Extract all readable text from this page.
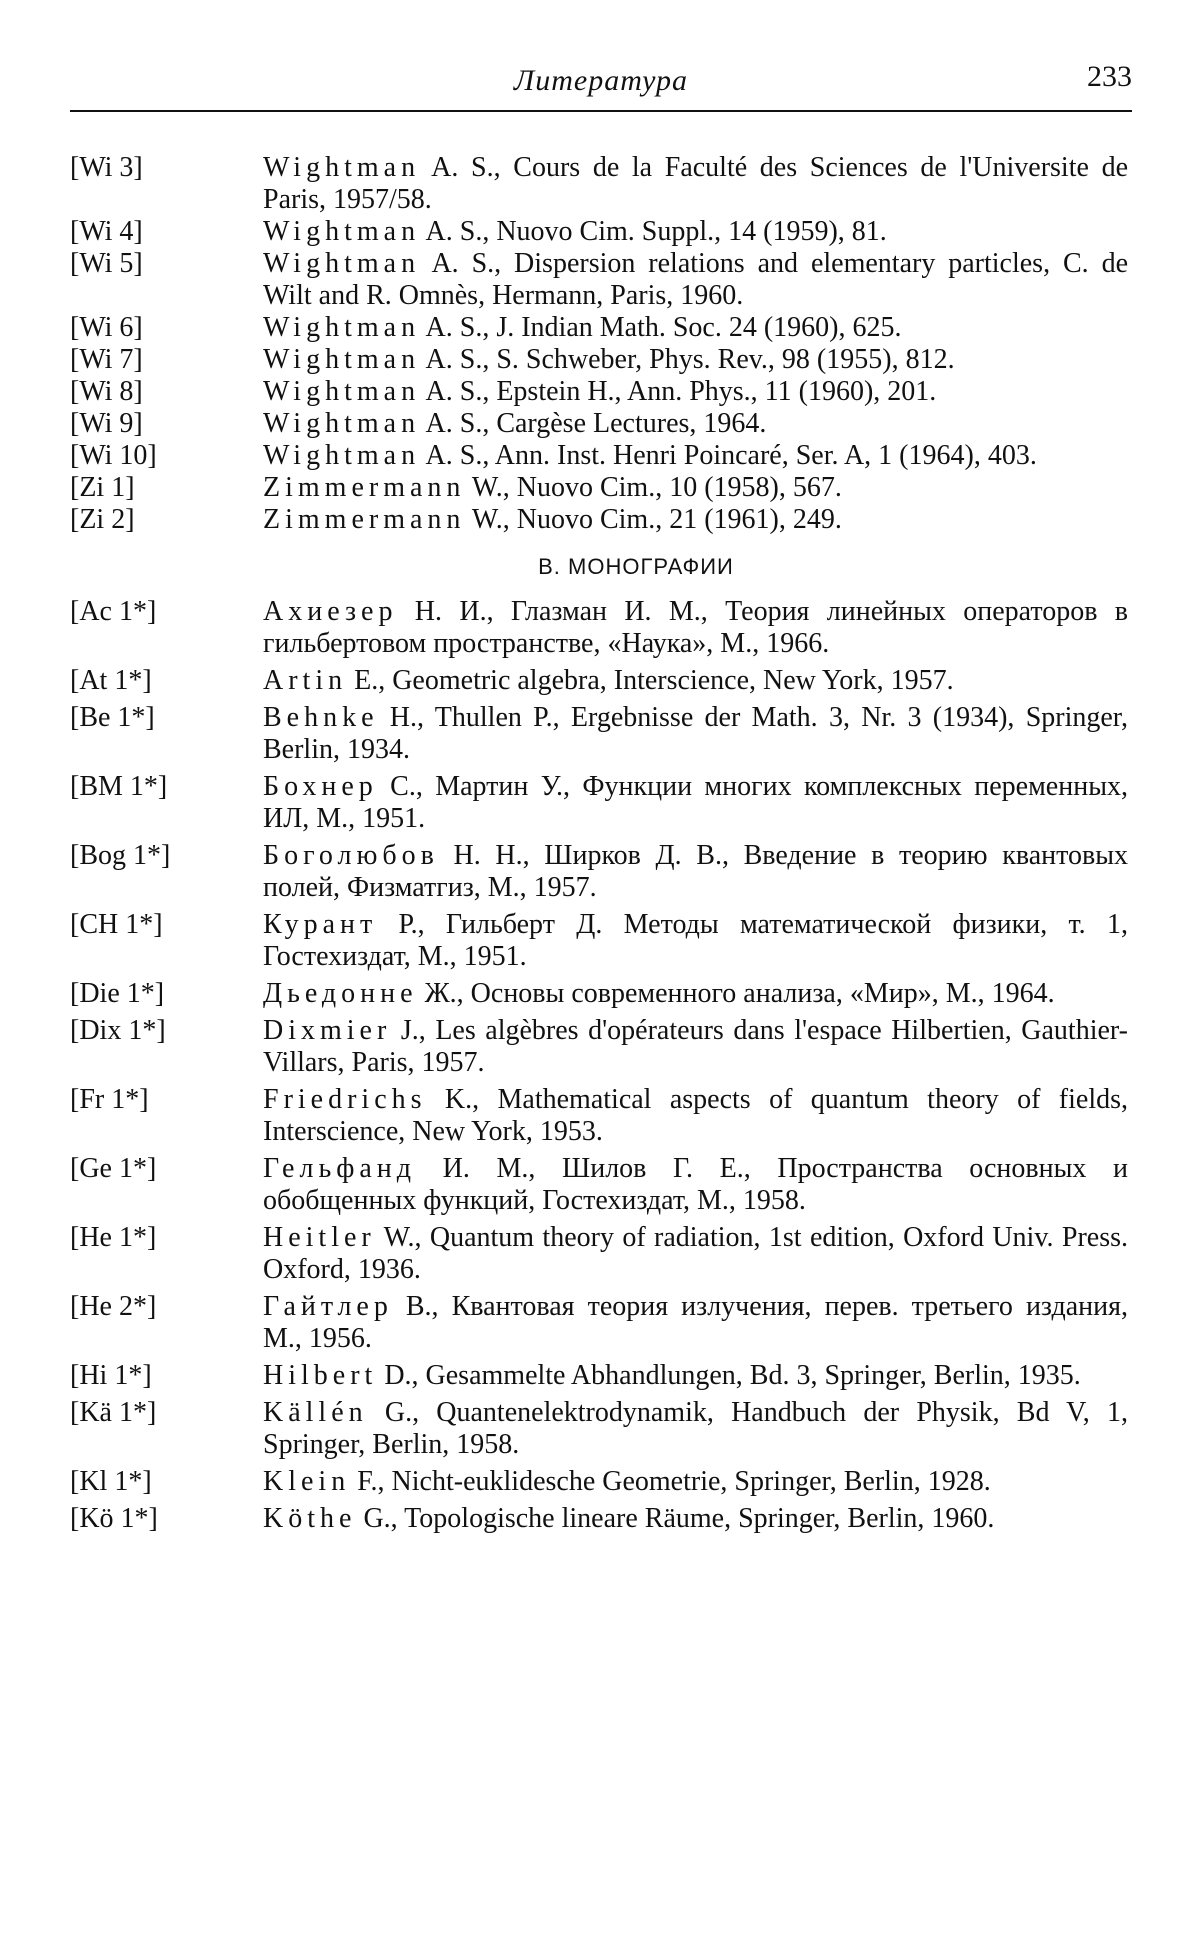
Литература	233
[Wi 3]	Wightman A. S., Cours de la Faculté des Sciences de l'Universite de Paris, 1957/58.
[Wi 4]	Wightman A. S., Nuovo Cim. Suppl., 14 (1959), 81.
[Wi 5]	Wightman A. S., Dispersion relations and elementary particles, C. de Wilt and R. Omnès, Hermann, Paris, 1960.
[Wi 6]	Wightman A. S., J. Indian Math. Soc. 24 (1960), 625.
[Wi 7]	Wightman A. S., S. Schweber, Phys. Rev., 98 (1955), 812.
[Wi 8]	Wightman A. S., Epstein H., Ann. Phys., 11 (1960), 201.
[Wi 9]	Wightman A. S., Cargèse Lectures, 1964.
[Wi 10]	Wightman A. S., Ann. Inst. Henri Poincaré, Ser. A, 1 (1964), 403.
[Zi 1]	Zimmermann W., Nuovo Cim., 10 (1958), 567.
[Zi 2]	Zimmermann W., Nuovo Cim., 21 (1961), 249.
В. МОНОГРАФИИ
[Ac 1*]	Ахиезер Н. И., Глазман И. М., Теория линейных операторов в гильбертовом пространстве, «Наука», М., 1966.
[At 1*]	Artin E., Geometric algebra, Interscience, New York, 1957.
[Be 1*]	Behnke H., Thullen P., Ergebnisse der Math. 3, Nr. 3 (1934), Springer, Berlin, 1934.
[BM 1*]	Бохнер С., Мартин У., Функции многих комплексных переменных, ИЛ, М., 1951.
[Bog 1*]	Боголюбов Н. Н., Ширков Д. В., Введение в теорию квантовых полей, Физматгиз, М., 1957.
[CH 1*]	Курант Р., Гильберт Д. Методы математической физики, т. 1, Гостехиздат, М., 1951.
[Die 1*]	Дьедонне Ж., Основы современного анализа, «Мир», М., 1964.
[Dix 1*]	Dixmier J., Les algèbres d'opérateurs dans l'espace Hilbertien, Gauthier-Villars, Paris, 1957.
[Fr 1*]	Friedrichs K., Mathematical aspects of quantum theory of fields, Interscience, New York, 1953.
[Ge 1*]	Гельфанд И. М., Шилов Г. Е., Пространства основных и обобщенных функций, Гостехиздат, М., 1958.
[He 1*]	Heitler W., Quantum theory of radiation, 1st edition, Oxford Univ. Press. Oxford, 1936.
[He 2*]	Гайтлер В., Квантовая теория излучения, перев. третьего издания, М., 1956.
[Hi 1*]	Hilbert D., Gesammelte Abhandlungen, Bd. 3, Springer, Berlin, 1935.
[Kä 1*]	Källén G., Quantenelektrodynamik, Handbuch der Physik, Bd V, 1, Springer, Berlin, 1958.
[Kl 1*]	Klein F., Nicht-euklidesche Geometrie, Springer, Berlin, 1928.
[Kö 1*]	Köthe G., Topologische lineare Räume, Springer, Berlin, 1960.
